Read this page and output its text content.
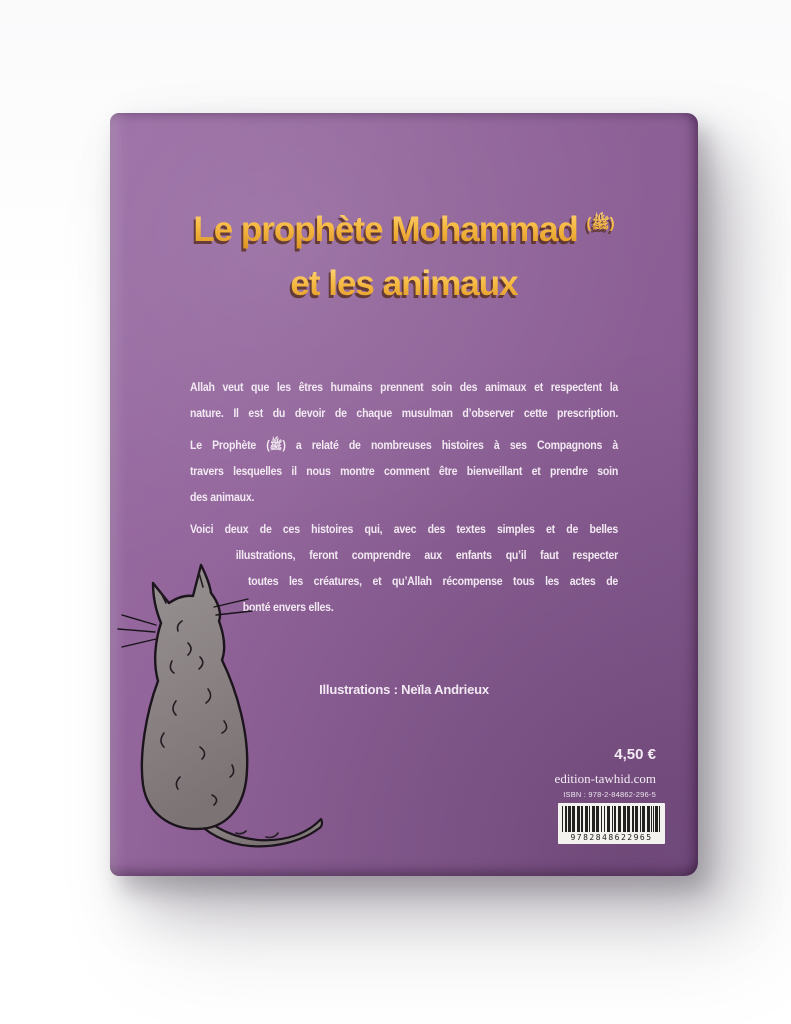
Le prophète Mohammad $^{(ﷺ)}$
et les animaux
Allah veut que les êtres humains prennent soin des animaux et respectent la
nature. Il est du devoir de chaque musulman d’observer cette prescription.
Le Prophète (ﷺ) a relaté de nombreuses histoires à ses Compagnons à
travers lesquelles il nous montre comment être bienveillant et prendre soin
des animaux.
Voici deux de ces histoires qui, avec des textes simples et de belles
illustrations, feront comprendre aux enfants qu’il faut respecter
toutes les créatures, et qu’Allah récompense tous les actes de
bonté envers elles.
Illustrations : Neïla Andrieux
4,50 €
edition-tawhid.com
ISBN : 978-2-84862-296-5
9782848622965
